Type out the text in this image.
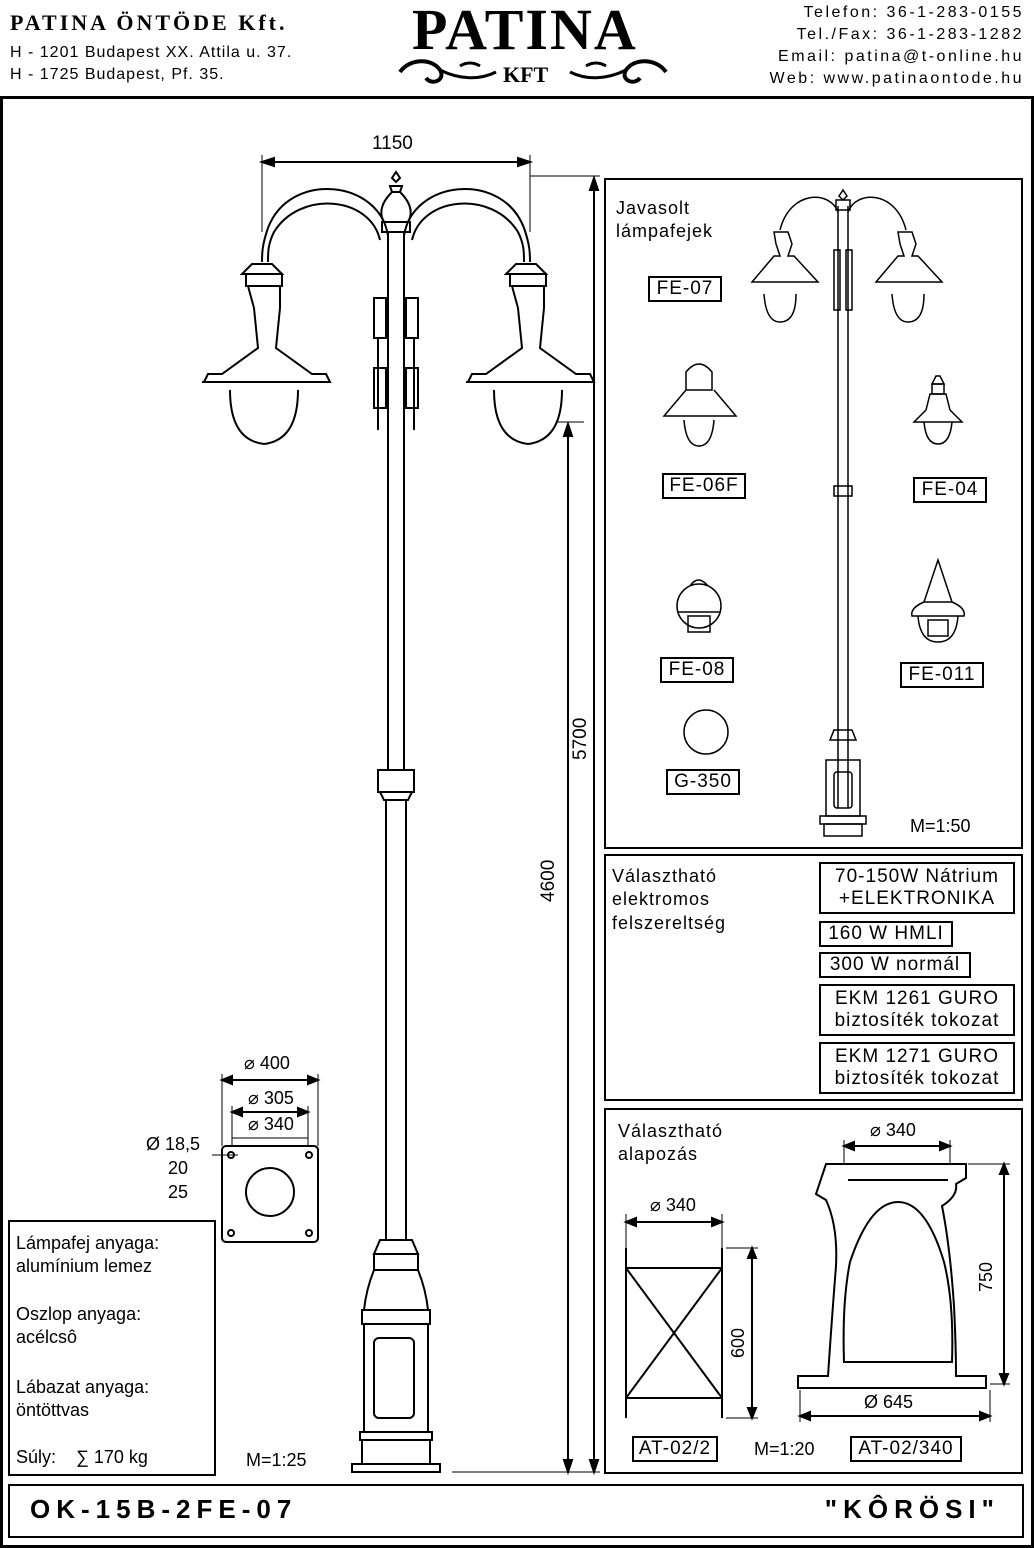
PATINA ÖNTÖDE Kft.
H - 1201 Budapest XX. Attila u. 37.
H - 1725 Budapest, Pf. 35.
PATINA
KFT
Telefon: 36-1-283-0155
Tel./Fax: 36-1-283-1282
Email: patina@t-online.hu
Web: www.patinaontode.hu
1150
5700
4600
M=1:25
⌀ 400
⌀ 305
⌀ 340
Ø 18,5
20
25
Lámpafej anyaga:
alumínium lemez
Oszlop anyaga:
acélcsô
Lábazat anyaga:
öntöttvas
Súly: ∑ 170 kg
Javasolt
lámpafejek
FE-07
FE-06F	FE-04
FE-08	FE-011
G-350
M=1:50
Választható
elektromos
felszereltség
70-150W Nátrium
+ELEKTRONIKA
160 W HMLI
300 W normál
EKM 1261 GURO
biztosíték tokozat
EKM 1271 GURO
biztosíték tokozat
Választható
alapozás
⌀ 340
600
⌀ 340
750
Ø 645
AT-02/2	M=1:20	AT-02/340
OK-15B-2FE-07	"KÔRÖSI"
